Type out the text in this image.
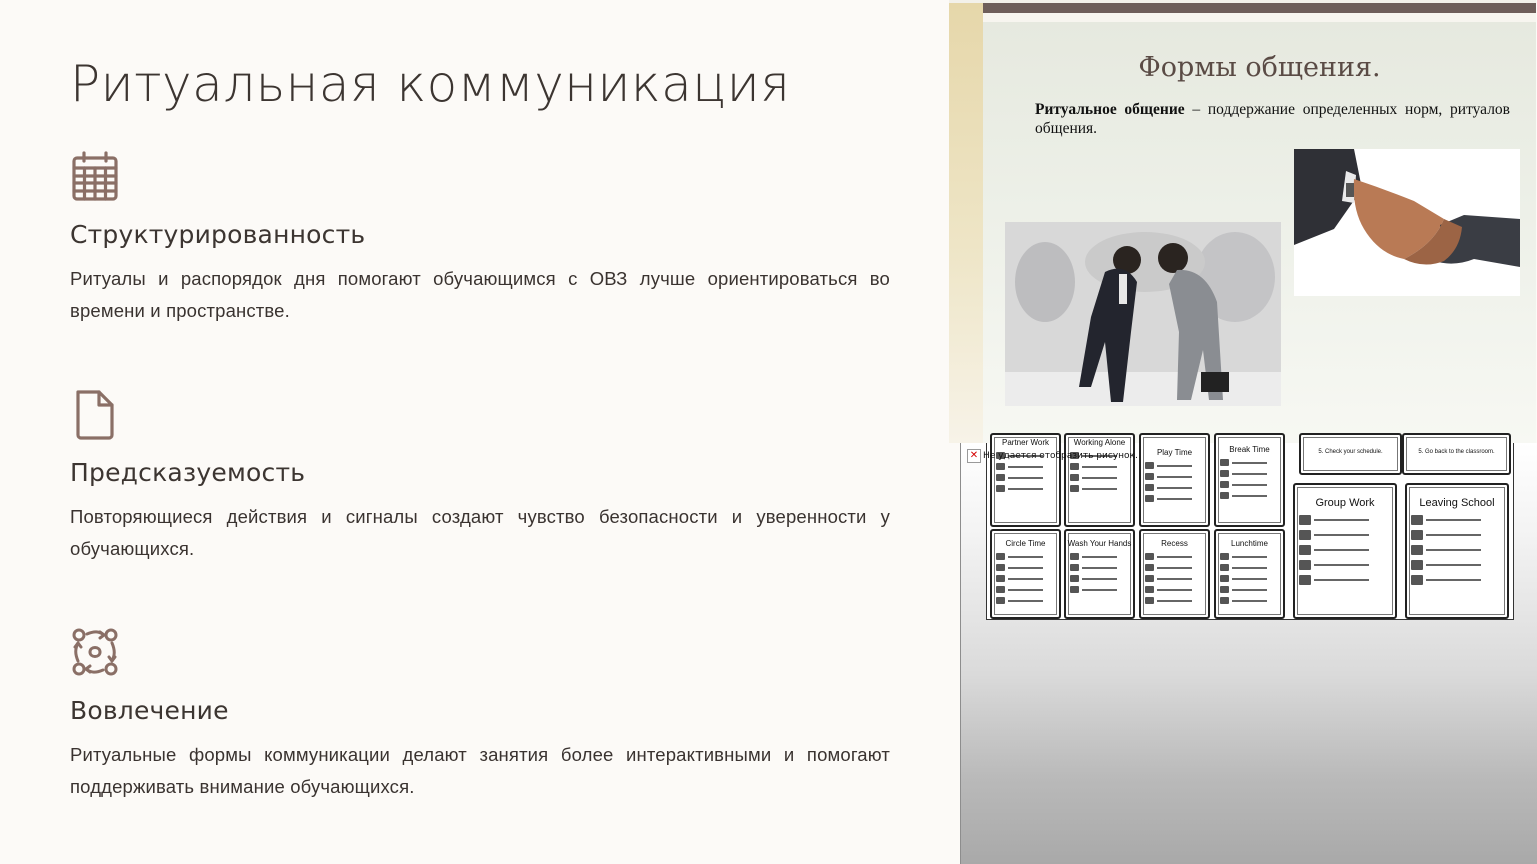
Ритуальная коммуникация
Структурированность

Ритуалы и распорядок дня помогают обучающимся с ОВЗ лучше ориентироваться во времени и пространстве.

Предсказуемость

Повторяющиеся действия и сигналы создают чувство безопасности и уверенности у обучающихся.

Вовлечение

Ритуальные формы коммуникации делают занятия более интерактивными и помогают поддерживать внимание обучающихся.

Формы общения.
Ритуальное общение – поддержание определенных норм, ритуалов общения.
✕ Не удается отобразить рисунок.
Partner Work	Working Alone
Play Time	Break Time	5. Check your schedule.	5. Go back to the classroom.
Circle Time	Wash Your Hands	Recess	Lunchtime
Group Work	Leaving School
